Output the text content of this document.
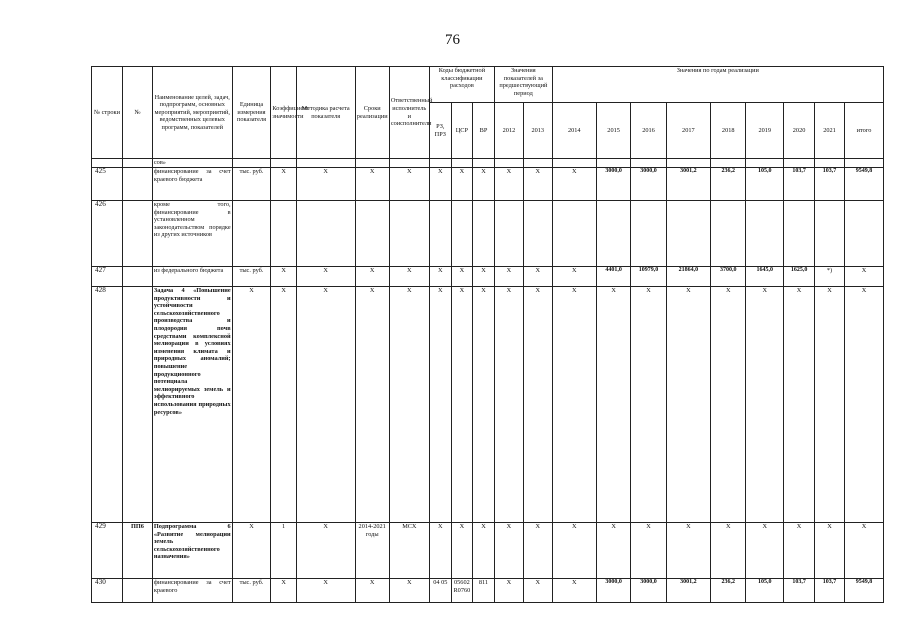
76
№ строки	№	Наименование целей, задач, подпрограмм, основных мероприятий, мероприятий, ведомственных целевых программ, показателей	Единица измерения показателя	Коэффициент значимости	Методика расчета показателя	Сроки реализации	Ответственный исполнитель и соисполнители	Коды бюджетной классификации расходов			Значения показателей за предшествующий период		Значения по годам реализации								
								РЗ, ПРЗ	ЦСР	ВР	2012	2013	2014	2015	2016	2017	2018	2019	2020	2021	итого
		сов»																			
425		финансирование за счет краевого бюджета	тыс. руб.	X	X	X	X	X	X	X	X	X	X	3000,0	3000,0	3001,2	236,2	105,0	103,7	103,7	9549,8
426		кроме того, финансирование в установленном законодательством порядке из других источников																			
427		из федерального бюджета	тыс. руб.	X	X	X	X	X	X	X	X	X	X	4401,0	10979,0	21864,0	3700,0	1645,0	1625,0	*)	X
428		Задача 4 «Повышение продуктивности и устойчивости сельскохозяйственного производства и плодородия почв средствами комплексной мелиорации в условиях изменения климата и природных аномалий; повышение продукционного потенциала мелиорируемых земель и эффективного использования природных ресурсов»	X	X	X	X	X	X	X	X	X	X	X	X	X	X	X	X	X	X	X
429	ПП6	Подпрограмма 6 «Развитие мелиорации земель сельскохозяйственного назначения»	X	1	X	2014-2021 годы	МСХ	X	X	X	X	X	X	X	X	X	X	X	X	X	X
430		финансирование за счет краевого	тыс. руб.	X	X	X	X	04 05	05602 R0760	811	X	X	X	3000,0	3000,0	3001,2	236,2	105,0	103,7	103,7	9549,8
